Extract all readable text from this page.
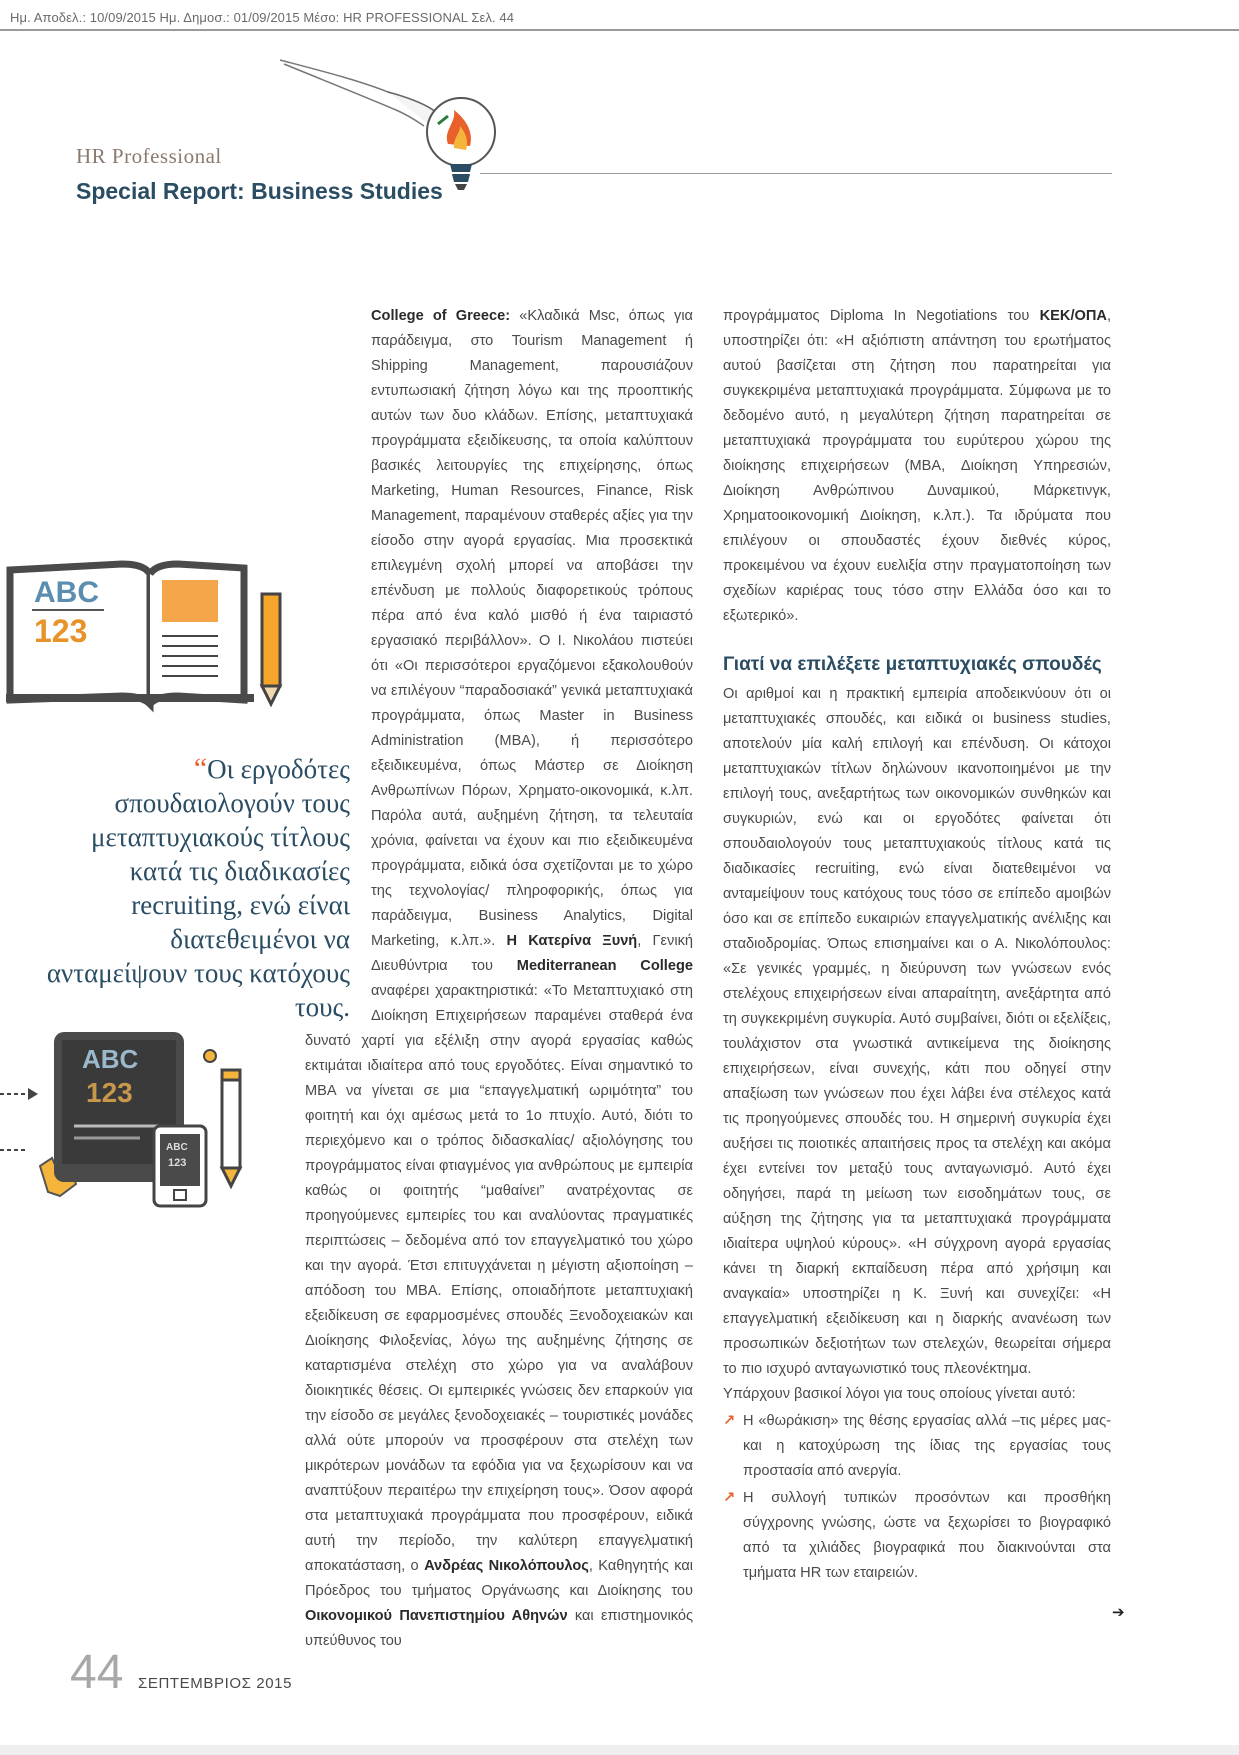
Ημ. Αποδελ.: 10/09/2015 Ημ. Δημοσ.: 01/09/2015 Μέσο: HR PROFESSIONAL Σελ. 44
HR Professional
Special Report: Business Studies
ABC
123
“Οι εργοδότες σπουδαιολογούν τους μεταπτυχιακούς τίτλους κατά τις διαδικασίες recruiting, ενώ είναι διατεθειμένοι να ανταμείψουν τους κατόχους τους.
ABC
123
ABC
123

College of Greece: «Κλαδικά Msc, όπως για παράδειγμα, στο Tourism Management ή Shipping Management, παρουσιάζουν εντυπωσιακή ζήτηση λόγω και της προοπτικής αυτών των δυο κλάδων. Επίσης, μεταπτυχιακά προγράμματα εξειδίκευσης, τα οποία καλύπτουν βασικές λειτουργίες της επιχείρησης, όπως Marketing, Human Resources, Finance, Risk Management, παραμένουν σταθερές αξίες για την είσοδο στην αγορά εργασίας. Μια προσεκτικά επιλεγμένη σχολή μπορεί να αποβάσει την επένδυση με πολλούς διαφορετικούς τρόπους πέρα από ένα καλό μισθό ή ένα ταιριαστό εργασιακό περιβάλλον». Ο Ι. Νικολάου πιστεύει ότι «Οι περισσότεροι εργαζόμενοι εξακολουθούν να επιλέγουν “παραδοσιακά” γενικά μεταπτυχιακά προγράμματα, όπως Master in Business Administration (MBA), ή περισσότερο εξειδικευμένα, όπως Μάστερ σε Διοίκηση Ανθρωπίνων Πόρων, Χρηματο-οικονομικά, κ.λπ. Παρόλα αυτά, αυξημένη ζήτηση, τα τελευταία χρόνια, φαίνεται να έχουν και πιο εξειδικευμένα προγράμματα, ειδικά όσα σχετίζονται με το χώρο της τεχνολογίας/ πληροφορικής, όπως για παράδειγμα, Business Analytics, Digital Marketing, κ.λπ.». Η Κατερίνα Ξυνή, Γενική Διευθύντρια του Mediterranean College αναφέρει χαρακτηριστικά: «Το Μεταπτυχιακό στη Διοίκηση Επιχειρήσεων παραμένει σταθερά ένα δυνατό χαρτί για εξέλιξη στην αγορά εργασίας καθώς εκτιμάται ιδιαίτερα από τους εργοδότες. Είναι σημαντικό το MBA να γίνεται σε μια “επαγγελματική ωριμότητα” του φοιτητή και όχι αμέσως μετά το 1ο πτυχίο. Αυτό, διότι το περιεχόμενο και ο τρόπος διδασκαλίας/ αξιολόγησης του προγράμματος είναι φτιαγμένος για ανθρώπους με εμπειρία καθώς οι φοιτητής “μαθαίνει” ανατρέχοντας σε προηγούμενες εμπειρίες του και αναλύοντας πραγματικές περιπτώσεις – δεδομένα από τον επαγγελματικό του χώρο και την αγορά. Έτσι επιτυγχάνεται η μέγιστη αξιοποίηση – απόδοση του MBA. Επίσης, οποιαδήποτε μεταπτυχιακή εξειδίκευση σε εφαρμοσμένες σπουδές Ξενοδοχειακών και Διοίκησης Φιλοξενίας, λόγω της αυξημένης ζήτησης σε καταρτισμένα στελέχη στο χώρο για να αναλάβουν διοικητικές θέσεις. Οι εμπειρικές γνώσεις δεν επαρκούν για την είσοδο σε μεγάλες ξενοδοχειακές – τουριστικές μονάδες αλλά ούτε μπορούν να προσφέρουν στα στελέχη των μικρότερων μονάδων τα εφόδια για να ξεχωρίσουν και να αναπτύξουν περαιτέρω την επιχείρηση τους». Όσον αφορά στα μεταπτυχιακά προγράμματα που προσφέρουν, ειδικά αυτή την περίοδο, την καλύτερη επαγγελματική αποκατάσταση, ο Ανδρέας Νικολόπουλος, Καθηγητής και Πρόεδρος του τμήματος Οργάνωσης και Διοίκησης του Οικονομικού Πανεπιστημίου Αθηνών και επιστημονικός υπεύθυνος του

προγράμματος Diploma In Negotiations του ΚΕΚ/ΟΠΑ, υποστηρίζει ότι: «Η αξιόπιστη απάντηση του ερωτήματος αυτού βασίζεται στη ζήτηση που παρατηρείται για συγκεκριμένα μεταπτυχιακά προγράμματα. Σύμφωνα με το δεδομένο αυτό, η μεγαλύτερη ζήτηση παρατηρείται σε μεταπτυχιακά προγράμματα του ευρύτερου χώρου της διοίκησης επιχειρήσεων (MBA, Διοίκηση Υπηρεσιών, Διοίκηση Ανθρώπινου Δυναμικού, Μάρκετινγκ, Χρηματοοικονομική Διοίκηση, κ.λπ.). Τα ιδρύματα που επιλέγουν οι σπουδαστές έχουν διεθνές κύρος, προκειμένου να έχουν ευελιξία στην πραγματοποίηση των σχεδίων καριέρας τους τόσο στην Ελλάδα όσο και το εξωτερικό».

Γιατί να επιλέξετε μεταπτυχιακές σπουδές

Οι αριθμοί και η πρακτική εμπειρία αποδεικνύουν ότι οι μεταπτυχιακές σπουδές, και ειδικά οι business studies, αποτελούν μία καλή επιλογή και επένδυση. Οι κάτοχοι μεταπτυχιακών τίτλων δηλώνουν ικανοποιημένοι με την επιλογή τους, ανεξαρτήτως των οικονομικών συνθηκών και συγκυριών, ενώ και οι εργοδότες φαίνεται ότι σπουδαιολογούν τους μεταπτυχιακούς τίτλους κατά τις διαδικασίες recruiting, ενώ είναι διατεθειμένοι να ανταμείψουν τους κατόχους τους τόσο σε επίπεδο αμοιβών όσο και σε επίπεδο ευκαιριών επαγγελματικής ανέλιξης και σταδιοδρομίας. Όπως επισημαίνει και ο Α. Νικολόπουλος: «Σε γενικές γραμμές, η διεύρυνση των γνώσεων ενός στελέχους επιχειρήσεων είναι απαραίτητη, ανεξάρτητα από τη συγκεκριμένη συγκυρία. Αυτό συμβαίνει, διότι οι εξελίξεις, τουλάχιστον στα γνωστικά αντικείμενα της διοίκησης επιχειρήσεων, είναι συνεχής, κάτι που οδηγεί στην απαξίωση των γνώσεων που έχει λάβει ένα στέλεχος κατά τις προηγούμενες σπουδές του. Η σημερινή συγκυρία έχει αυξήσει τις ποιοτικές απαιτήσεις προς τα στελέχη και ακόμα έχει εντείνει τον μεταξύ τους ανταγωνισμό. Αυτό έχει οδηγήσει, παρά τη μείωση των εισοδημάτων τους, σε αύξηση της ζήτησης για τα μεταπτυχιακά προγράμματα ιδιαίτερα υψηλού κύρους». «Η σύγχρονη αγορά εργασίας κάνει τη διαρκή εκπαίδευση πέρα από χρήσιμη και αναγκαία» υποστηρίζει η Κ. Ξυνή και συνεχίζει: «Η επαγγελματική εξειδίκευση και η διαρκής ανανέωση των προσωπικών δεξιοτήτων των στελεχών, θεωρείται σήμερα το πιο ισχυρό ανταγωνιστικό τους πλεονέκτημα.

Υπάρχουν βασικοί λόγοι για τους οποίους γίνεται αυτό:

↗ Η «θωράκιση» της θέσης εργασίας αλλά –τις μέρες μας- και η κατοχύρωση της ίδιας της εργασίας τους προστασία από ανεργία.

↗ Η συλλογή τυπικών προσόντων και προσθήκη σύγχρονης γνώσης, ώστε να ξεχωρίσει το βιογραφικό από τα χιλιάδες βιογραφικά που διακινούνται στα τμήματα HR των εταιρειών.

➔
44 ΣΕΠΤΕΜΒΡΙΟΣ 2015
